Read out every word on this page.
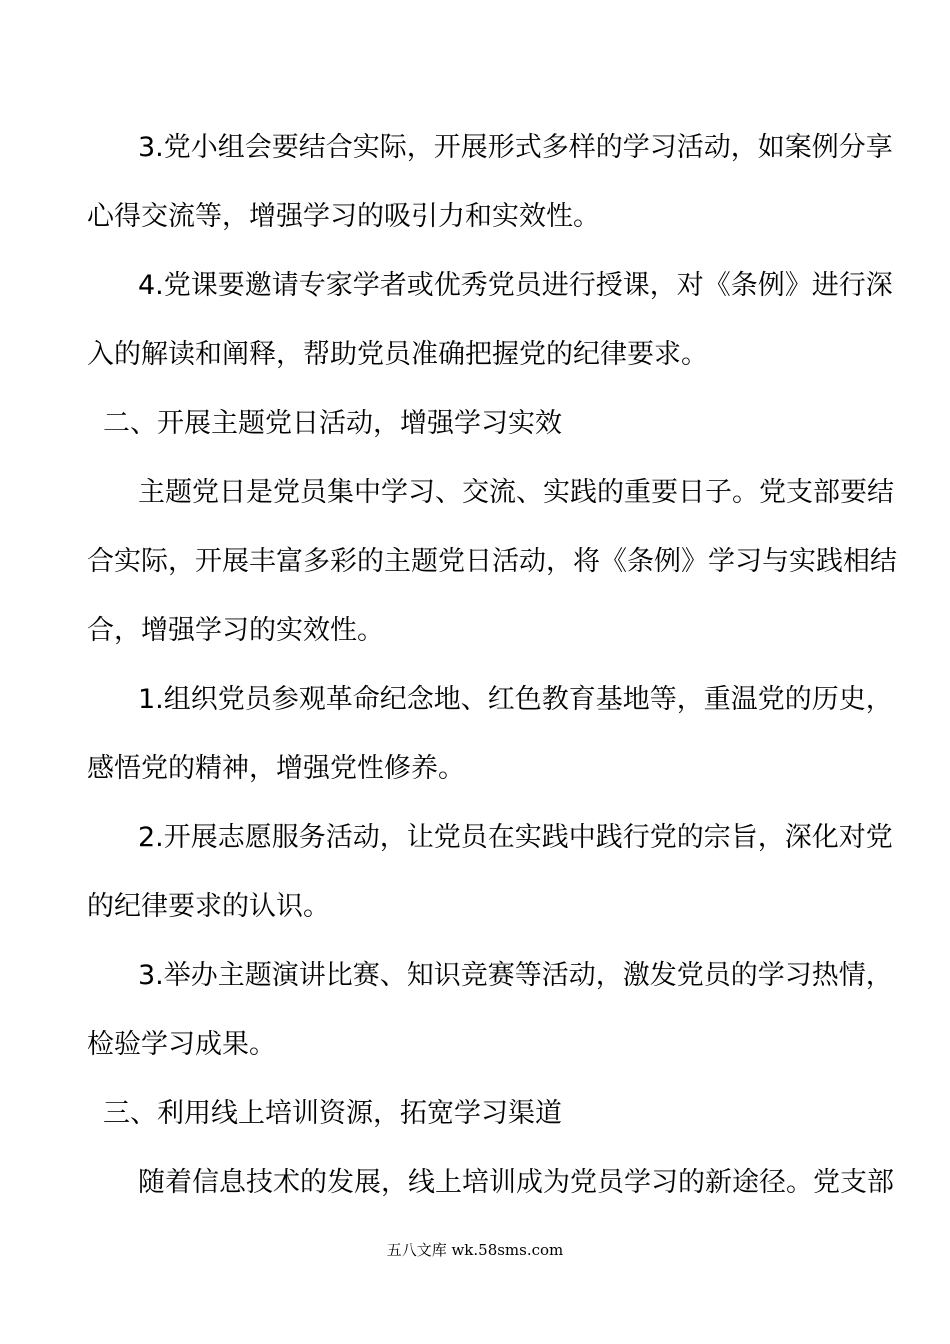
3.党小组会要结合实际，开展形式多样的学习活动，如案例分享
心得交流等，增强学习的吸引力和实效性。
4.党课要邀请专家学者或优秀党员进行授课，对《条例》进行深
入的解读和阐释，帮助党员准确把握党的纪律要求。
二、开展主题党日活动，增强学习实效
主题党日是党员集中学习、交流、实践的重要日子。党支部要结
合实际，开展丰富多彩的主题党日活动，将《条例》学习与实践相结
合，增强学习的实效性。
1.组织党员参观革命纪念地、红色教育基地等，重温党的历史，
感悟党的精神，增强党性修养。
2.开展志愿服务活动，让党员在实践中践行党的宗旨，深化对党
的纪律要求的认识。
3.举办主题演讲比赛、知识竞赛等活动，激发党员的学习热情，
检验学习成果。
三、利用线上培训资源，拓宽学习渠道
随着信息技术的发展，线上培训成为党员学习的新途径。党支部
五八文库 wk.58sms.com
